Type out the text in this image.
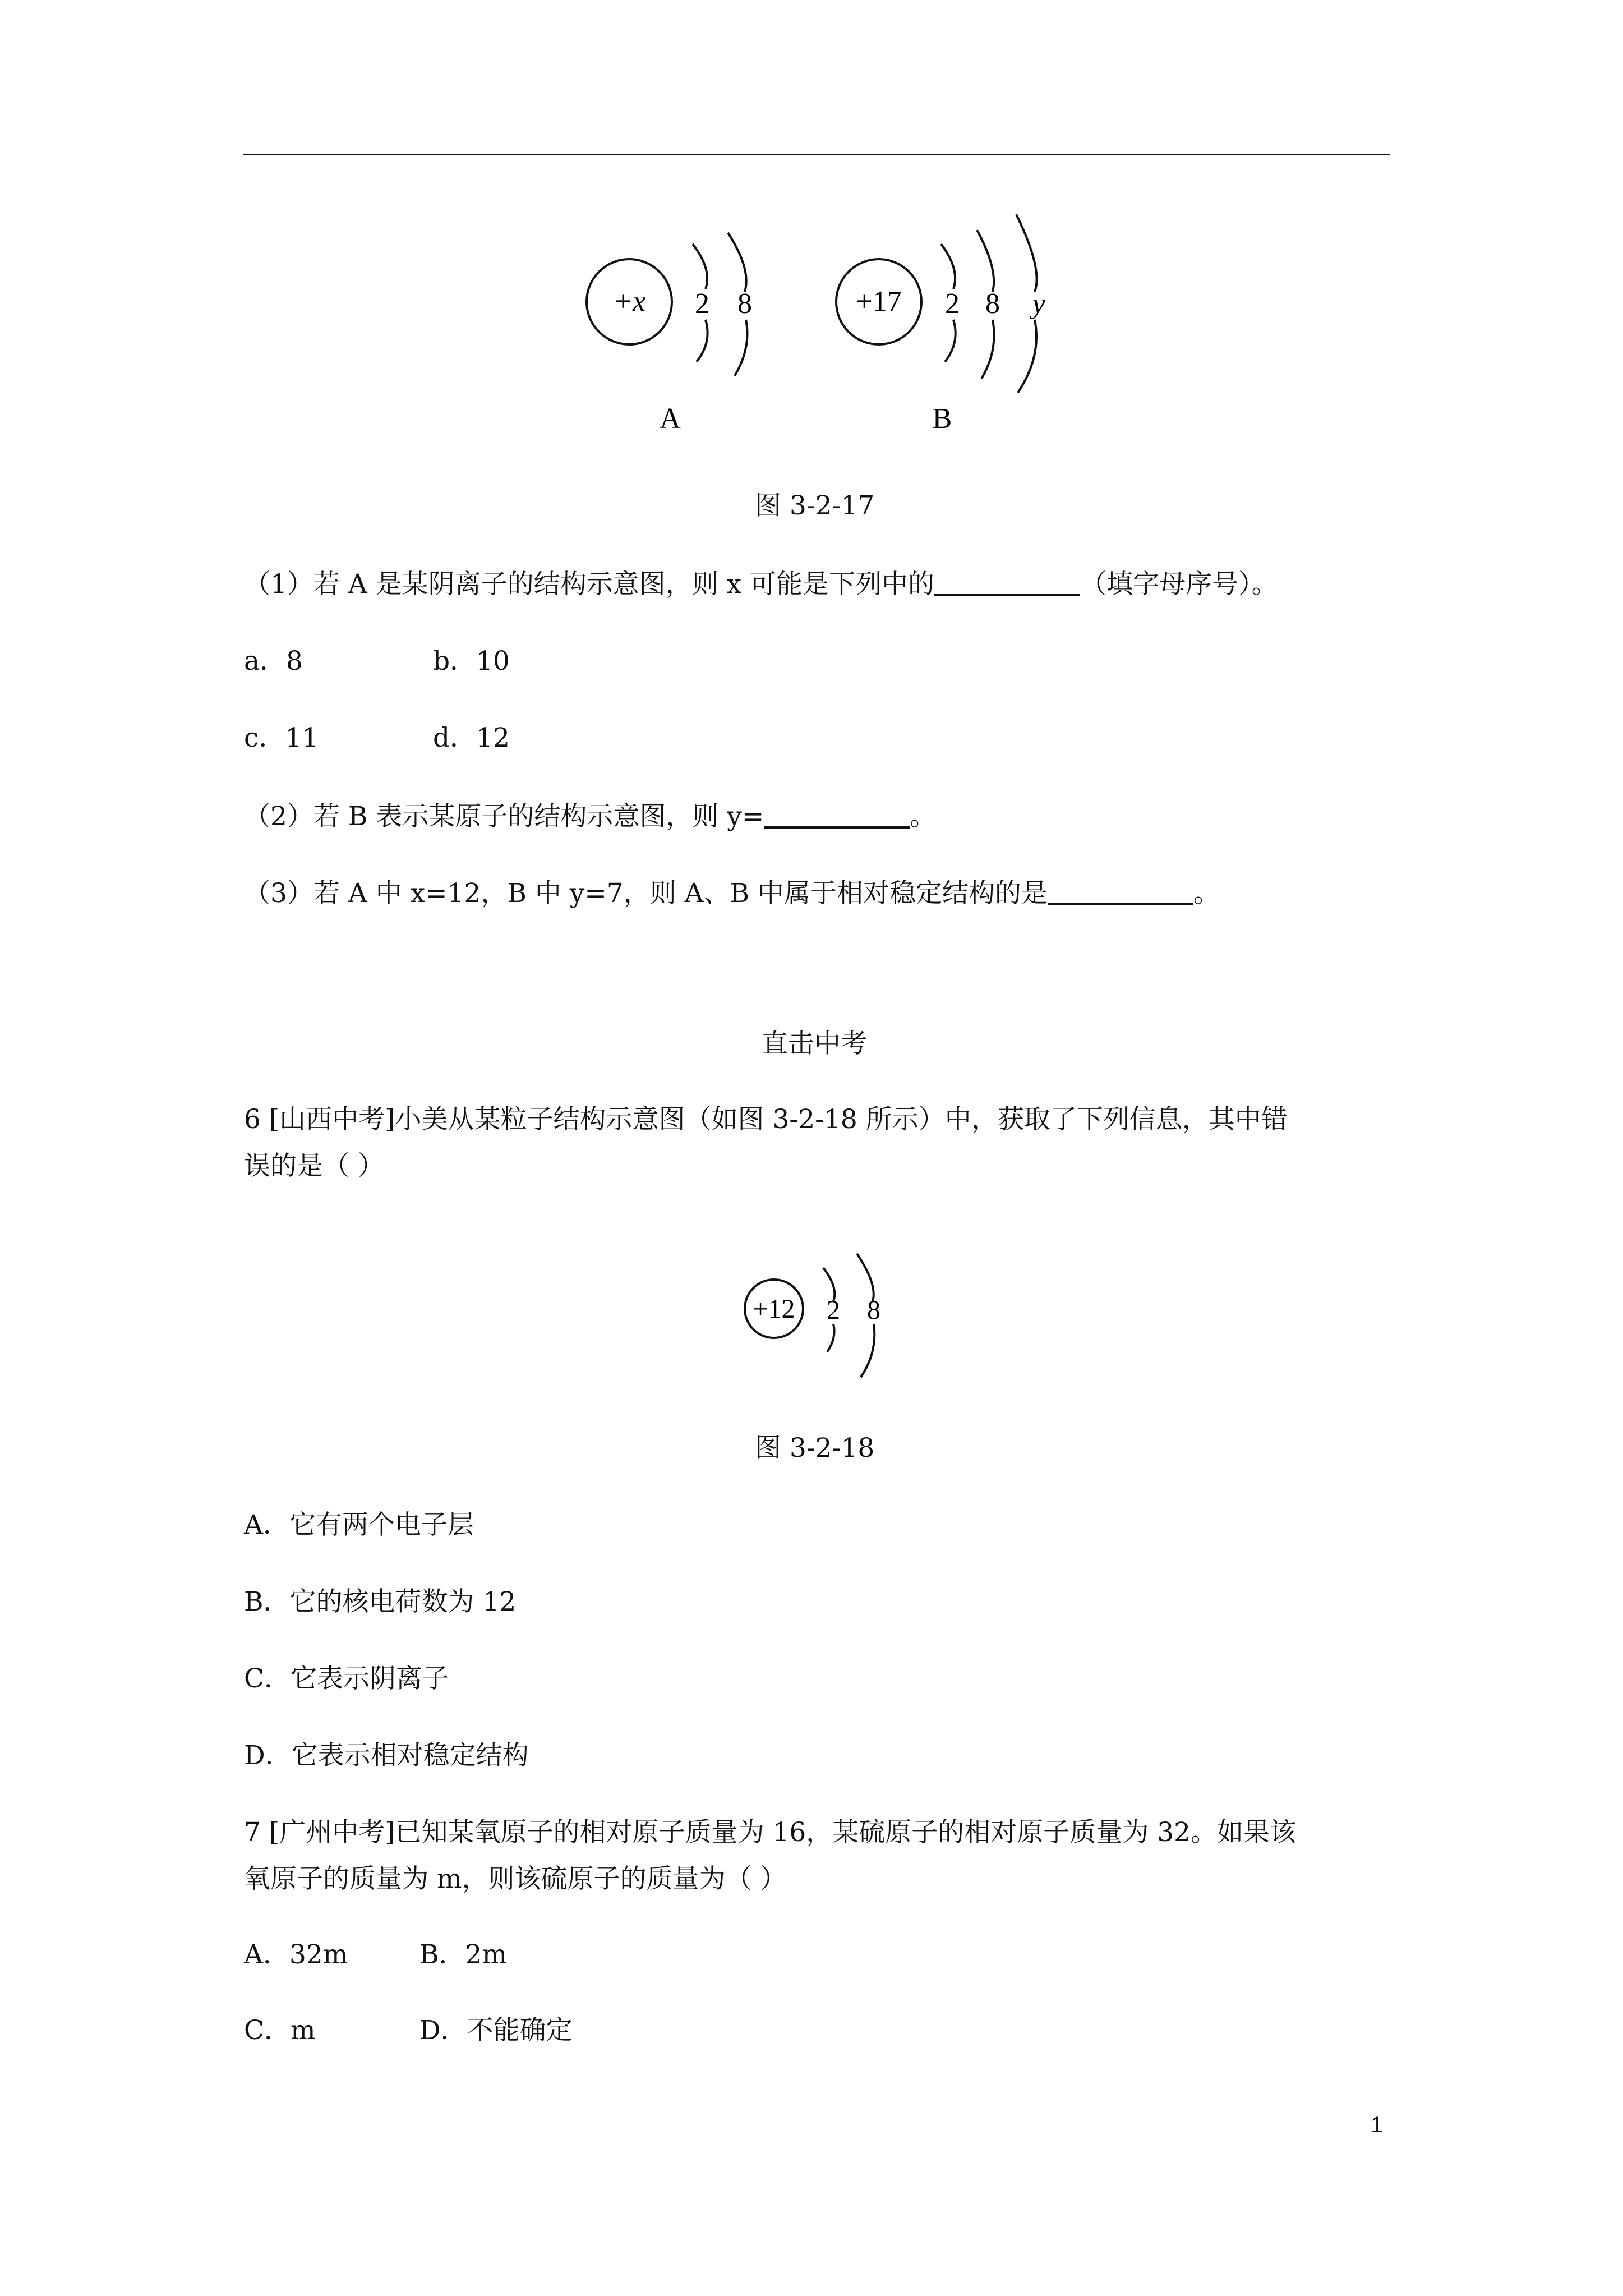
+x 2 8
A
+17 2 8 y
B
图 3-2-17
（1）若 A 是某阴离子的结构示意图，则 x 可能是下列中的	（填字母序号）。
a．8	b．10
c．11	d．12
（2）若 B 表示某原子的结构示意图，则 y=	。
（3）若 A 中 x=12，B 中 y=7，则 A、B 中属于相对稳定结构的是	。
直击中考
6 [山西中考]小美从某粒子结构示意图（如图 3-2-18 所示）中，获取了下列信息，其中错
误的是（ ）
+12 2 8
图 3-2-18
A．它有两个电子层
B．它的核电荷数为 12
C．它表示阴离子
D．它表示相对稳定结构
7 [广州中考]已知某氧原子的相对原子质量为 16，某硫原子的相对原子质量为 32。如果该
氧原子的质量为 m，则该硫原子的质量为（ ）
A．32m	B．2m
C．m	D．不能确定
1
